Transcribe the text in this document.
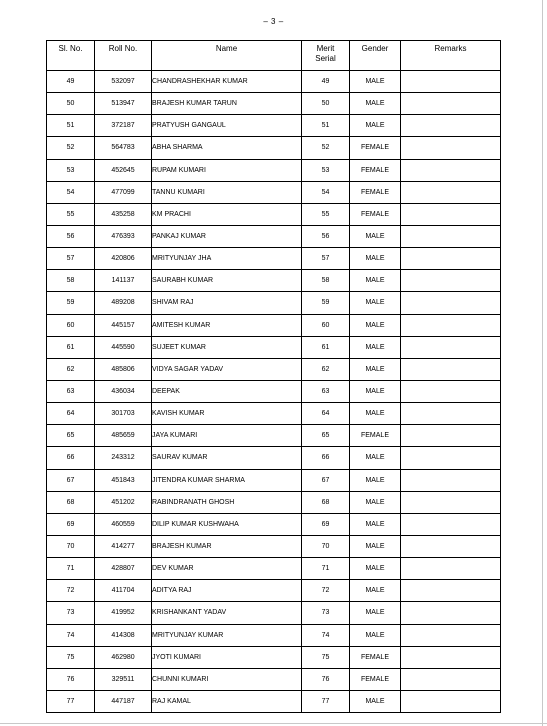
– 3 –
Sl. No.	Roll No.	Name	Merit Serial	Gender	Remarks
49	532097	CHANDRASHEKHAR KUMAR	49	MALE	
50	513947	BRAJESH KUMAR TARUN	50	MALE	
51	372187	PRATYUSH GANGAUL	51	MALE	
52	564783	ABHA SHARMA	52	FEMALE	
53	452645	RUPAM KUMARI	53	FEMALE	
54	477099	TANNU KUMARI	54	FEMALE	
55	435258	KM PRACHI	55	FEMALE	
56	476393	PANKAJ KUMAR	56	MALE	
57	420806	MRITYUNJAY JHA	57	MALE	
58	141137	SAURABH KUMAR	58	MALE	
59	489208	SHIVAM RAJ	59	MALE	
60	445157	AMITESH KUMAR	60	MALE	
61	445590	SUJEET KUMAR	61	MALE	
62	485806	VIDYA SAGAR YADAV	62	MALE	
63	436034	DEEPAK	63	MALE	
64	301703	KAVISH KUMAR	64	MALE	
65	485659	JAYA KUMARI	65	FEMALE	
66	243312	SAURAV KUMAR	66	MALE	
67	451843	JITENDRA KUMAR SHARMA	67	MALE	
68	451202	RABINDRANATH GHOSH	68	MALE	
69	460559	DILIP KUMAR KUSHWAHA	69	MALE	
70	414277	BRAJESH KUMAR	70	MALE	
71	428807	DEV KUMAR	71	MALE	
72	411704	ADITYA RAJ	72	MALE	
73	419952	KRISHANKANT YADAV	73	MALE	
74	414308	MRITYUNJAY KUMAR	74	MALE	
75	462980	JYOTI KUMARI	75	FEMALE	
76	329511	CHUNNI KUMARI	76	FEMALE	
77	447187	RAJ KAMAL	77	MALE	
